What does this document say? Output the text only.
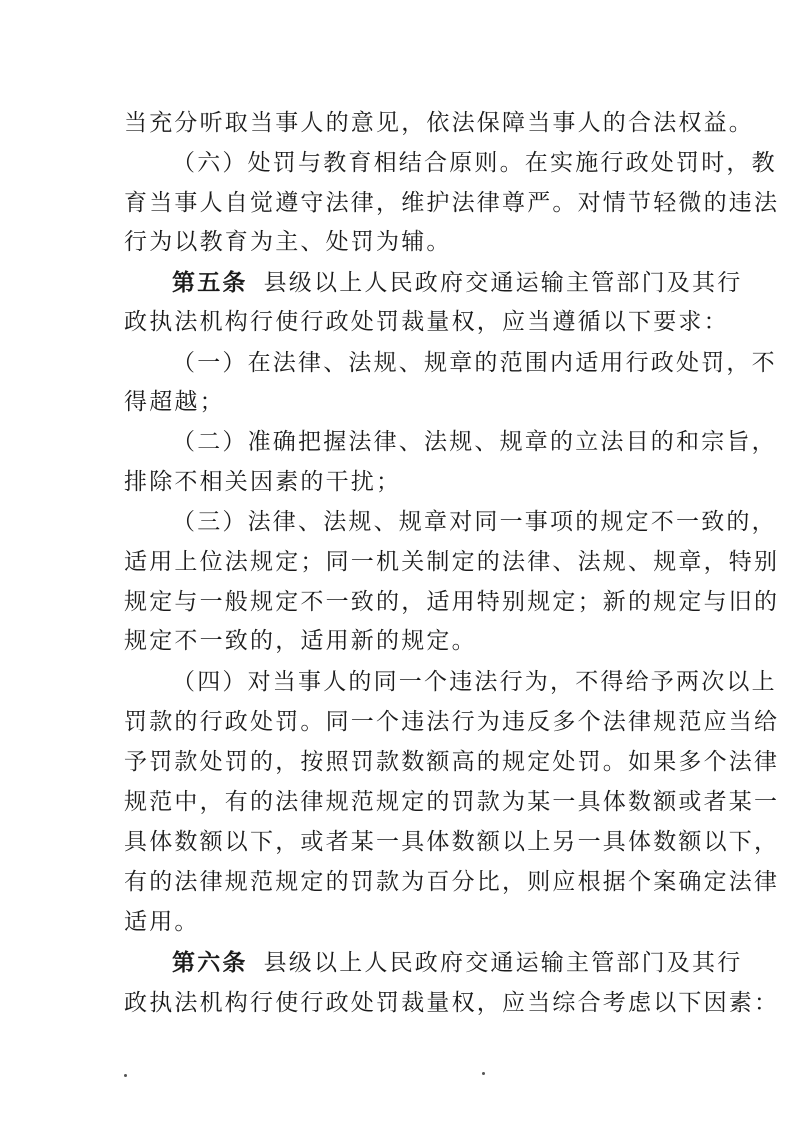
当充分听取当事人的意见，依法保障当事人的合法权益。
（六）处罚与教育相结合原则。在实施行政处罚时，教
育当事人自觉遵守法律，维护法律尊严。对情节轻微的违法
行为以教育为主、处罚为辅。
第五条 县级以上人民政府交通运输主管部门及其行
政执法机构行使行政处罚裁量权，应当遵循以下要求：
（一）在法律、法规、规章的范围内适用行政处罚，不
得超越；
（二）准确把握法律、法规、规章的立法目的和宗旨，
排除不相关因素的干扰；
（三）法律、法规、规章对同一事项的规定不一致的，
适用上位法规定；同一机关制定的法律、法规、规章，特别
规定与一般规定不一致的，适用特别规定；新的规定与旧的
规定不一致的，适用新的规定。
（四）对当事人的同一个违法行为，不得给予两次以上
罚款的行政处罚。同一个违法行为违反多个法律规范应当给
予罚款处罚的，按照罚款数额高的规定处罚。如果多个法律
规范中，有的法律规范规定的罚款为某一具体数额或者某一
具体数额以下，或者某一具体数额以上另一具体数额以下，
有的法律规范规定的罚款为百分比，则应根据个案确定法律
适用。
第六条 县级以上人民政府交通运输主管部门及其行
政执法机构行使行政处罚裁量权，应当综合考虑以下因素：
